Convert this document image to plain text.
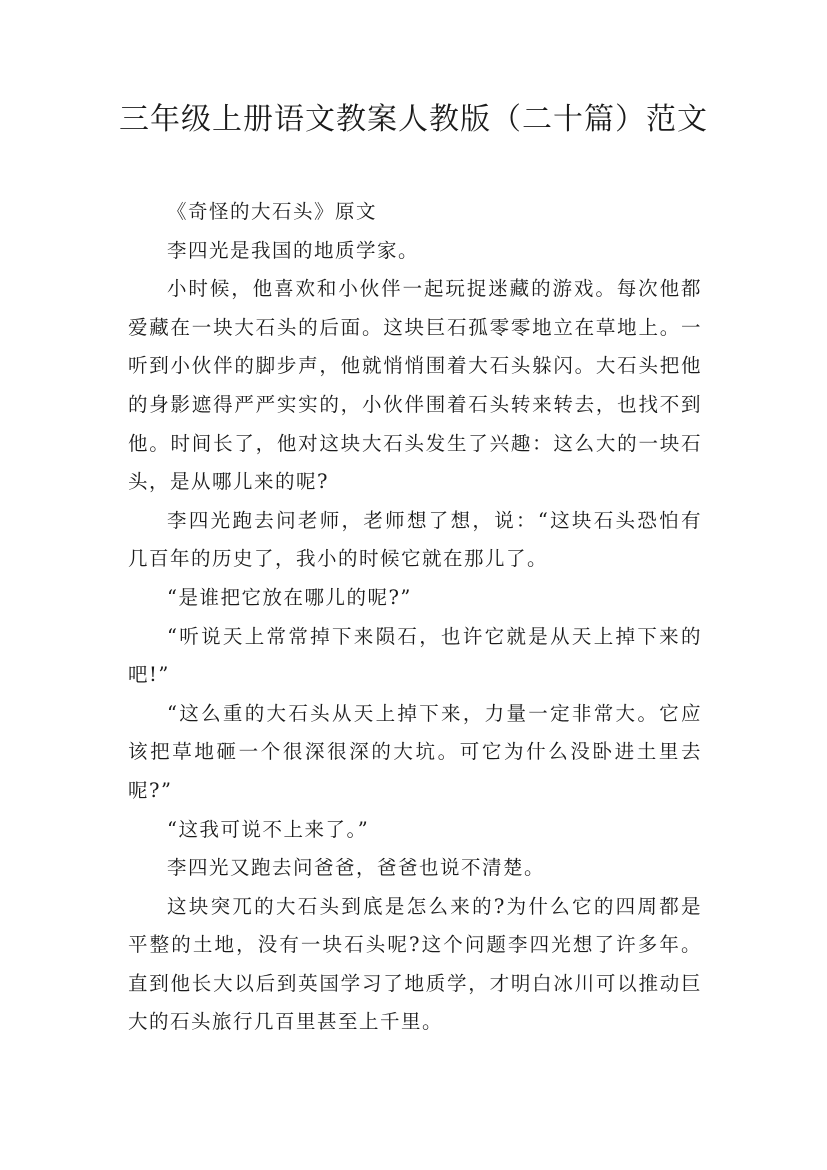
三年级上册语文教案人教版（二十篇）范文

《奇怪的大石头》原文

李四光是我国的地质学家。

小时候，他喜欢和小伙伴一起玩捉迷藏的游戏。每次他都爱藏在一块大石头的后面。这块巨石孤零零地立在草地上。一听到小伙伴的脚步声，他就悄悄围着大石头躲闪。大石头把他的身影遮得严严实实的，小伙伴围着石头转来转去，也找不到他。时间长了，他对这块大石头发生了兴趣：这么大的一块石头，是从哪儿来的呢?

李四光跑去问老师，老师想了想，说：“这块石头恐怕有几百年的历史了，我小的时候它就在那儿了。

“是谁把它放在哪儿的呢?”

“听说天上常常掉下来陨石，也许它就是从天上掉下来的吧!”

“这么重的大石头从天上掉下来，力量一定非常大。它应该把草地砸一个很深很深的大坑。可它为什么没卧进土里去呢?”

“这我可说不上来了。”

李四光又跑去问爸爸，爸爸也说不清楚。

这块突兀的大石头到底是怎么来的?为什么它的四周都是平整的土地，没有一块石头呢?这个问题李四光想了许多年。直到他长大以后到英国学习了地质学，才明白冰川可以推动巨大的石头旅行几百里甚至上千里。
